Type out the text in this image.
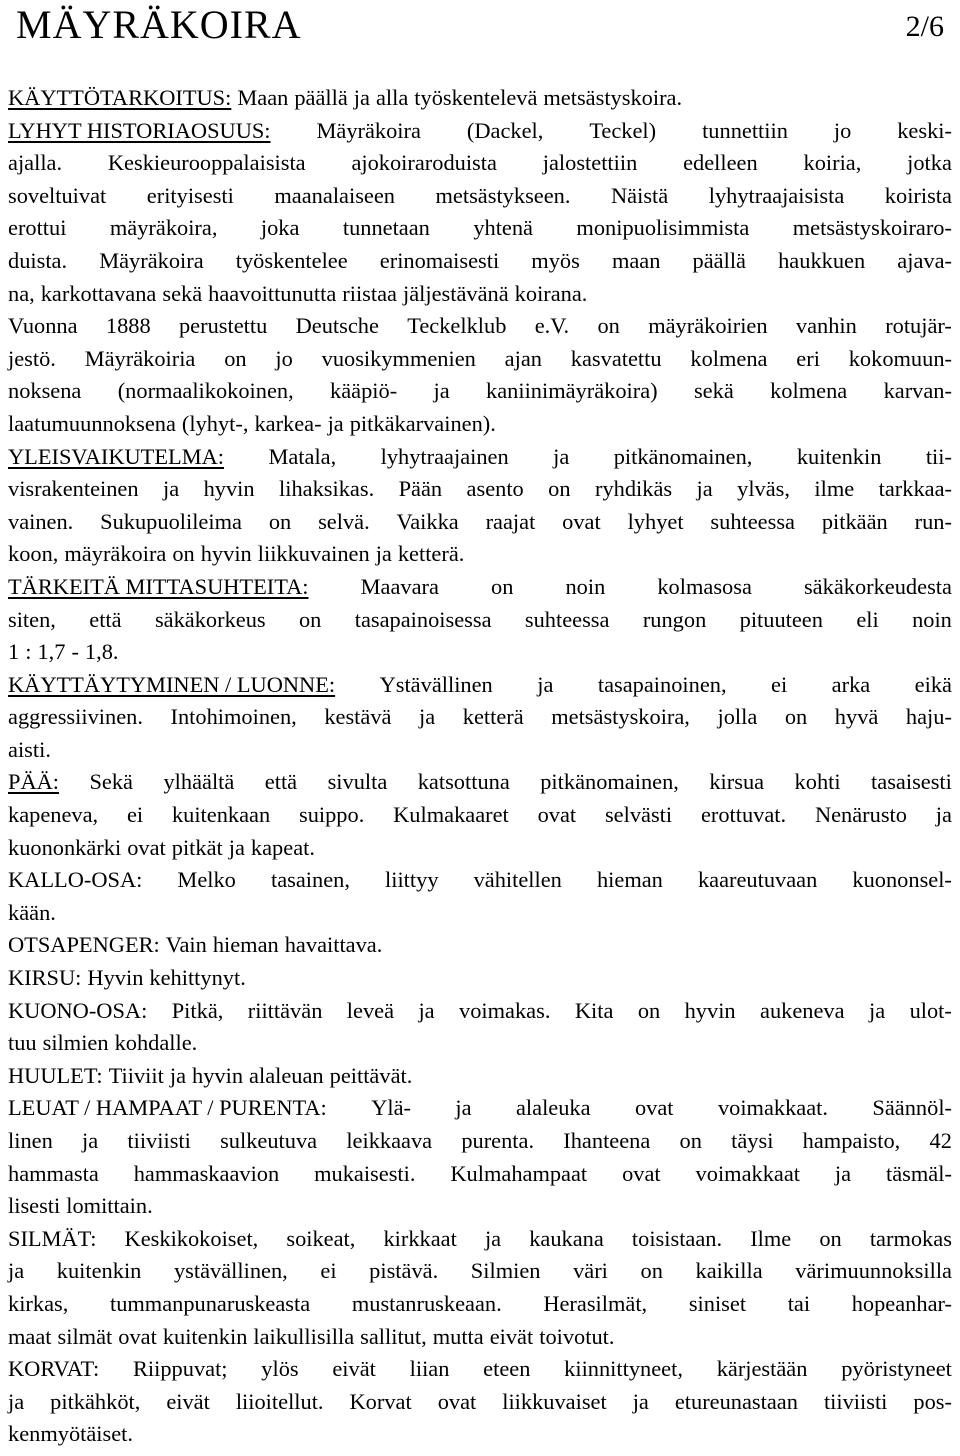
MÄYRÄKOIRA	2/6
KÄYTTÖTARKOITUS: Maan päällä ja alla työskentelevä metsästyskoira.
LYHYT HISTORIAOSUUS: Mäyräkoira (Dackel, Teckel) tunnettiin jo keski-
ajalla. Keskieurooppalaisista ajokoiraroduista jalostettiin edelleen koiria, jotka
soveltuivat erityisesti maanalaiseen metsästykseen. Näistä lyhytraajaisista koirista
erottui mäyräkoira, joka tunnetaan yhtenä monipuolisimmista metsästyskoiraro-
duista. Mäyräkoira työskentelee erinomaisesti myös maan päällä haukkuen ajava-
na, karkottavana sekä haavoittunutta riistaa jäljestävänä koirana.
Vuonna 1888 perustettu Deutsche Teckelklub e.V. on mäyräkoirien vanhin rotujär-
jestö. Mäyräkoiria on jo vuosikymmenien ajan kasvatettu kolmena eri kokomuun-
noksena (normaalikokoinen, kääpiö- ja kaniinimäyräkoira) sekä kolmena karvan-
laatumuunnoksena (lyhyt-, karkea- ja pitkäkarvainen).
YLEISVAIKUTELMA: Matala, lyhytraajainen ja pitkänomainen, kuitenkin tii-
visrakenteinen ja hyvin lihaksikas. Pään asento on ryhdikäs ja ylväs, ilme tarkkaa-
vainen. Sukupuolileima on selvä. Vaikka raajat ovat lyhyet suhteessa pitkään run-
koon, mäyräkoira on hyvin liikkuvainen ja ketterä.
TÄRKEITÄ MITTASUHTEITA: Maavara on noin kolmasosa säkäkorkeudesta
siten, että säkäkorkeus on tasapainoisessa suhteessa rungon pituuteen eli noin
1 : 1,7 - 1,8.
KÄYTTÄYTYMINEN / LUONNE: Ystävällinen ja tasapainoinen, ei arka eikä
aggressiivinen. Intohimoinen, kestävä ja ketterä metsästyskoira, jolla on hyvä haju-
aisti.
PÄÄ: Sekä ylhäältä että sivulta katsottuna pitkänomainen, kirsua kohti tasaisesti
kapeneva, ei kuitenkaan suippo. Kulmakaaret ovat selvästi erottuvat. Nenärusto ja
kuononkärki ovat pitkät ja kapeat.
KALLO-OSA: Melko tasainen, liittyy vähitellen hieman kaareutuvaan kuononsel-
kään.
OTSAPENGER: Vain hieman havaittava.
KIRSU: Hyvin kehittynyt.
KUONO-OSA: Pitkä, riittävän leveä ja voimakas. Kita on hyvin aukeneva ja ulot-
tuu silmien kohdalle.
HUULET: Tiiviit ja hyvin alaleuan peittävät.
LEUAT / HAMPAAT / PURENTA: Ylä- ja alaleuka ovat voimakkaat. Säännöl-
linen ja tiiviisti sulkeutuva leikkaava purenta. Ihanteena on täysi hampaisto, 42
hammasta hammaskaavion mukaisesti. Kulmahampaat ovat voimakkaat ja täsmäl-
lisesti lomittain.
SILMÄT: Keskikokoiset, soikeat, kirkkaat ja kaukana toisistaan. Ilme on tarmokas
ja kuitenkin ystävällinen, ei pistävä. Silmien väri on kaikilla värimuunnoksilla
kirkas, tummanpunaruskeasta mustanruskeaan. Herasilmät, siniset tai hopeanhar-
maat silmät ovat kuitenkin laikullisilla sallitut, mutta eivät toivotut.
KORVAT: Riippuvat; ylös eivät liian eteen kiinnittyneet, kärjestään pyöristyneet
ja pitkähköt, eivät liioitellut. Korvat ovat liikkuvaiset ja etureunastaan tiiviisti pos-
kenmyötäiset.
